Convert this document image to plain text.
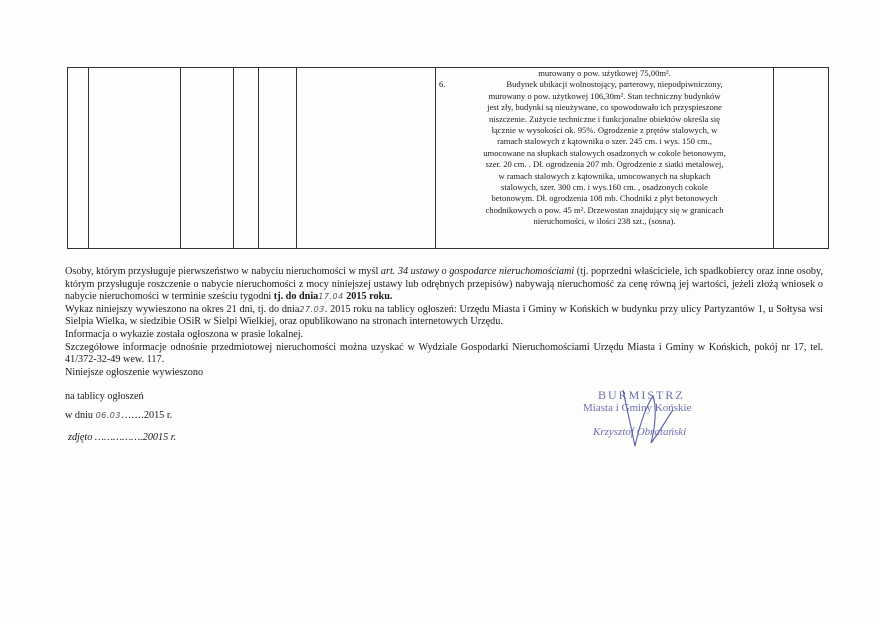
murowany o pow. użytkowej 75,00m².

6.	Budynek ubikacji wolnostojący, parterowy, niepodpiwniczony,

murowany o pow. użytkowej 106,30m². Stan techniczny budynków

jest zły, budynki są nieużywane, co spowodowało ich przyspieszone

niszczenie. Zużycie techniczne i funkcjonalne obiektów określa się

łącznie w wysokości ok. 95%. Ogrodzenie z prętów stalowych, w

ramach stalowych z kątownika o szer. 245 cm. i wys. 150 cm.,

umocowane na słupkach stalowych osadzonych w cokole betonowym,

szer. 20 cm. . Dł. ogrodzenia 207 mb. Ogrodzenie z siatki metalowej,

w ramach stalowych z kątownika, umocowanych na słupkach

stalowych, szer. 300 cm. i wys.160 cm. , osadzonych cokole

betonowym. Dł. ogrodzenia 108 mb. Chodniki z płyt betonowych

chodnikowych o pow. 45 m². Drzewostan znajdujący się w granicach

nieruchomości, w ilości 238 szt., (sosna).

Osoby, którym przysługuje pierwszeństwo w nabyciu nieruchomości w myśl art. 34 ustawy o gospodarce nieruchomościami (tj. poprzedni właściciele, ich spadkobiercy oraz inne osoby, którym przysługuje roszczenie o nabycie nieruchomości z mocy niniejszej ustawy lub odrębnych przepisów) nabywają nieruchomość za cenę równą jej wartości, jeżeli złożą wniosek o nabycie nieruchomości w terminie sześciu tygodni tj. do dnia17.04 2015 roku.

Wykaz niniejszy wywieszono na okres 21 dni, tj. do dnia27.03. 2015 roku na tablicy ogłoszeń: Urzędu Miasta i Gminy w Końskich w budynku przy ulicy Partyzantów 1, u Sołtysa wsi Sielpia Wielka, w siedzibie OSiR w Sielpi Wielkiej, oraz opublikowano na stronach internetowych Urzędu.

Informacja o wykazie została ogłoszona w prasie lokalnej.

Szczegółowe informacje odnośnie przedmiotowej nieruchomości można uzyskać w Wydziale Gospodarki Nieruchomościami Urzędu Miasta i Gminy w Końskich, pokój nr 17, tel. 41/372-32-49 wew. 117.

Niniejsze ogłoszenie wywieszono

na tablicy ogłoszeń

w dniu 06.03…….2015 r.

zdjęto …………….20015 r.

BURMISTRZ
Miasta i Gminy Końskie
Krzysztof Obratański
